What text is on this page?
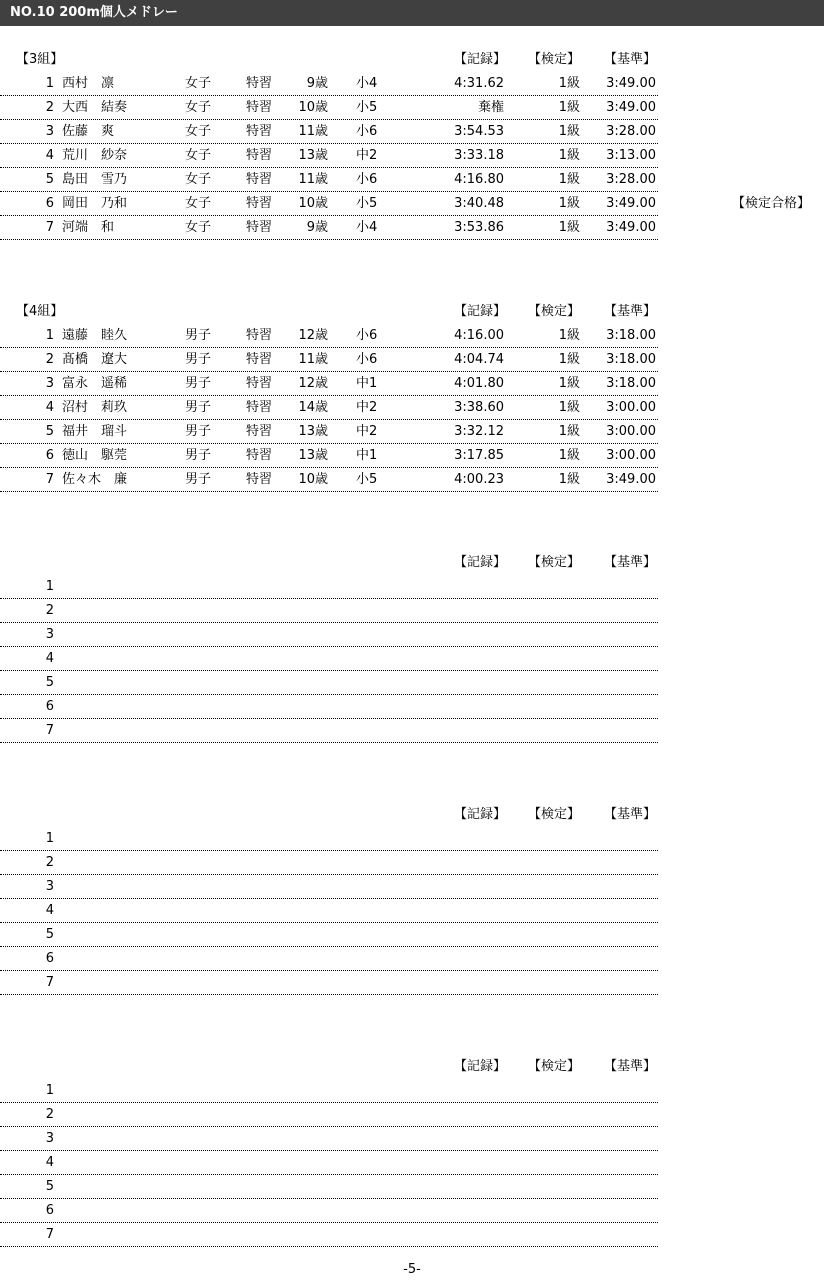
NO.10 200m個人メドレー
【3組】	【記録】 【検定】 【基準】
1 西村　凛	女子	特習	9歳 小4	4:31.62	1級	3:49.00
2 大西　結奏	女子	特習	10歳 小5	棄権	1級	3:49.00
3 佐藤　爽	女子	特習	11歳 小6	3:54.53	1級	3:28.00
4 荒川　紗奈	女子	特習	13歳 中2	3:33.18	1級	3:13.00
5 島田　雪乃	女子	特習	11歳 小6	4:16.80	1級	3:28.00
6 岡田　乃和	女子	特習	10歳 小5	3:40.48	1級	3:49.00
7 河端　和	女子	特習	9歳 小4	3:53.86	1級	3:49.00
【検定合格】
【4組】	【記録】 【検定】 【基準】
1 遠藤　睦久	男子	特習	12歳 小6	4:16.00	1級	3:18.00
2 髙橋　遼大	男子	特習	11歳 小6	4:04.74	1級	3:18.00
3 富永　遥稀	男子	特習	12歳 中1	4:01.80	1級	3:18.00
4 沼村　莉玖	男子	特習	14歳 中2	3:38.60	1級	3:00.00
5 福井　瑠斗	男子	特習	13歳 中2	3:32.12	1級	3:00.00
6 徳山　駆莞	男子	特習	13歳 中1	3:17.85	1級	3:00.00
7 佐々木　廉	男子	特習	10歳 小5	4:00.23	1級	3:49.00
【記録】 【検定】 【基準】
1
2
3
4
5
6
7
【記録】 【検定】 【基準】
1
2
3
4
5
6
7
【記録】 【検定】 【基準】
1
2
3
4
5
6
7
-5-
